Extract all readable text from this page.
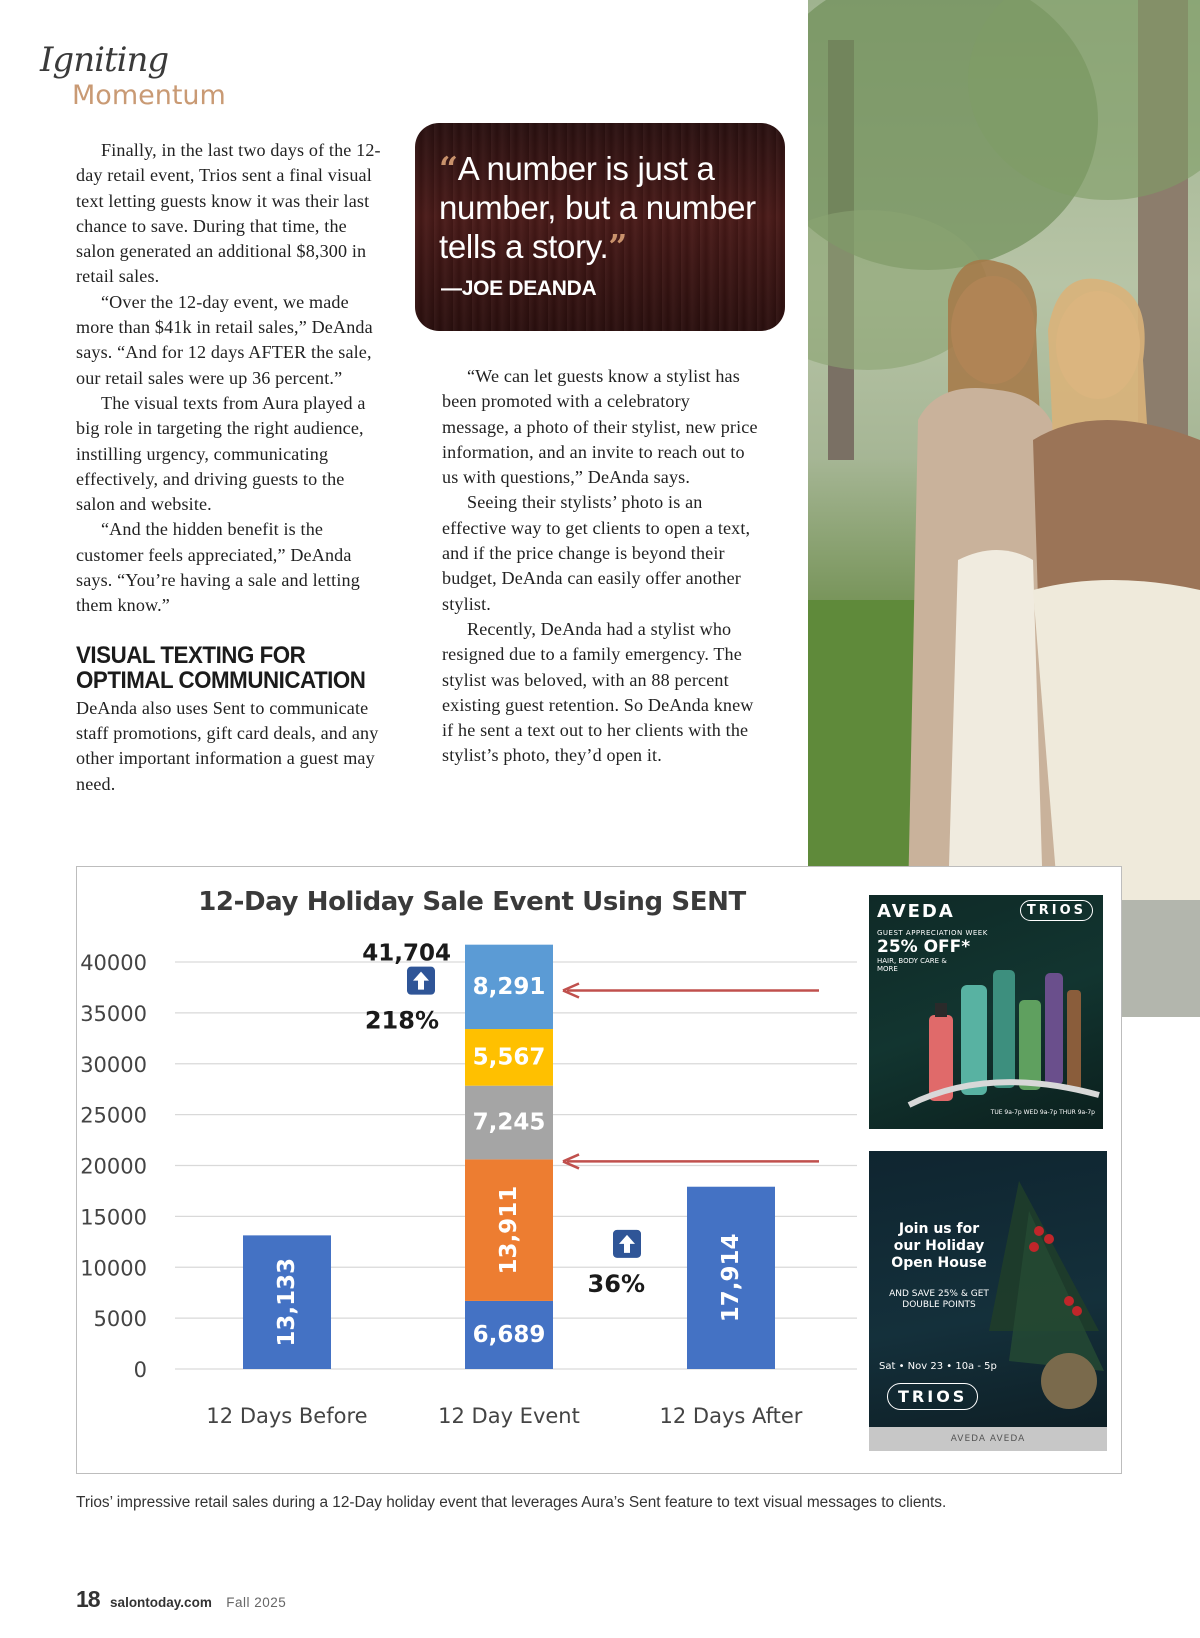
Igniting
Momentum

Finally, in the last two days of the 12-day retail event, Trios sent a final visual text letting guests know it was their last chance to save. During that time, the salon generated an additional $8,300 in retail sales.

“Over the 12-day event, we made more than $41k in retail sales,” DeAnda says. “And for 12 days AFTER the sale, our retail sales were up 36 percent.”

The visual texts from Aura played a big role in targeting the right audience, instilling urgency, communicating effectively, and driving guests to the salon and website.

“And the hidden benefit is the customer feels appreciated,” DeAnda says. “You’re having a sale and letting them know.”

VISUAL TEXTING FOR OPTIMAL COMMUNICATION

DeAnda also uses Sent to communicate staff promotions, gift card deals, and any other important information a guest may need.

“A number is just a number, but a number tells a story.”
—JOE DEANDA

“We can let guests know a stylist has been promoted with a celebratory message, a photo of their stylist, new price information, and an invite to reach out to us with questions,” DeAnda says.

Seeing their stylists’ photo is an effective way to get clients to open a text, and if the price change is beyond their budget, DeAnda can easily offer another stylist.

Recently, DeAnda had a stylist who resigned due to a family emergency. The stylist was beloved, with an 88 percent existing guest retention. So DeAnda knew if he sent a text out to her clients with the stylist’s photo, they’d open it.

12-Day Holiday Sale Event Using SENT
0
5000
10000
15000
20000
25000
30000
35000
40000
13,133
12 Days Before
6,689
13,911
7,245
5,567
8,291
41,704
12 Day Event
17,914
12 Days After
218%
36%
AVEDA	TRIOS
GUEST APPRECIATION WEEK
25% OFF*
HAIR, BODY CARE & MORE
TUE 9a-7p WED 9a-7p THUR 9a-7p
Join us for our Holiday Open House
AND SAVE 25% & GET DOUBLE POINTS
Sat • Nov 23 • 10a - 5p
TRIOS
AVEDA AVEDA
Trios’ impressive retail sales during a 12-Day holiday event that leverages Aura’s Sent feature to text visual messages to clients.
18 salontoday.com Fall 2025
